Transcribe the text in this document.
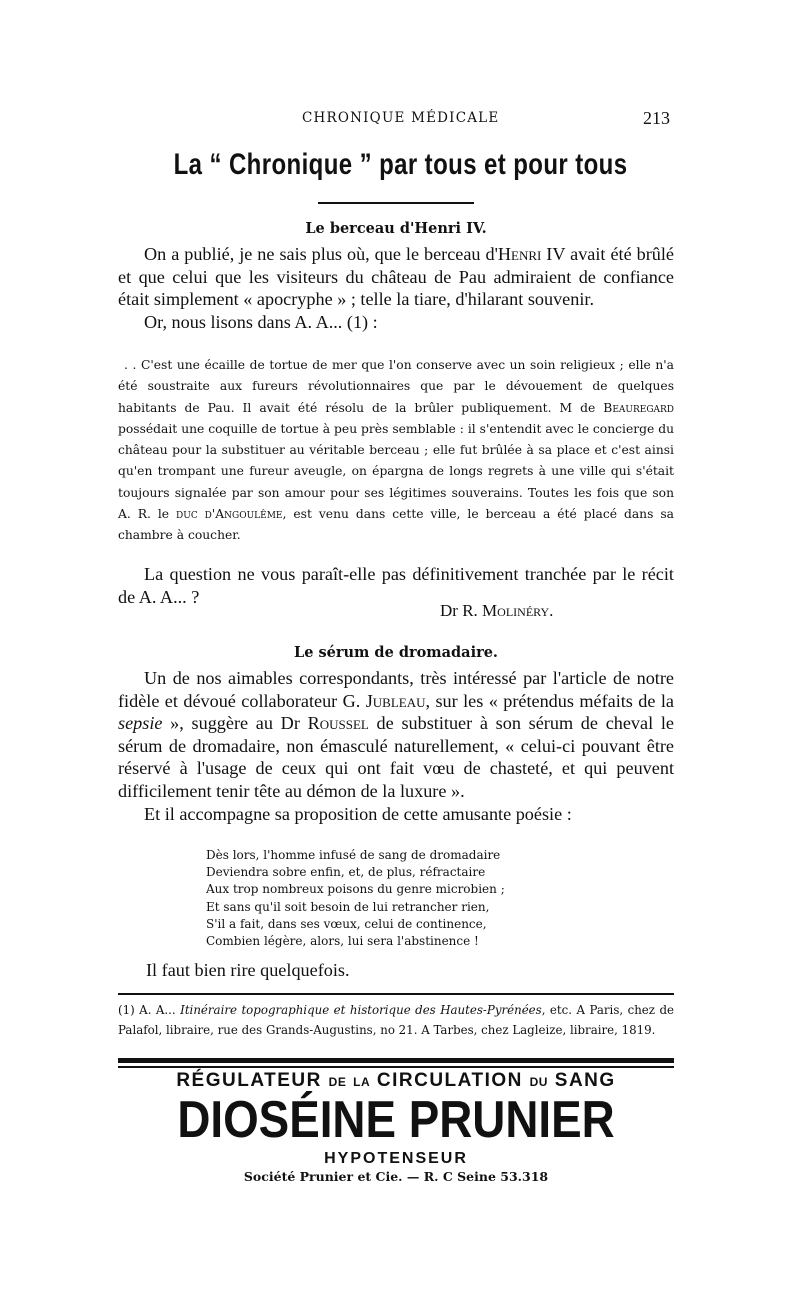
CHRONIQUE MÉDICALE	213
La “ Chronique ” par tous et pour tous
Le berceau d'Henri IV.

On a publié, je ne sais plus où, que le berceau d'Henri IV avait été brûlé et que celui que les visiteurs du château de Pau admiraient de confiance était simplement « apocryphe » ; telle la tiare, d'hilarant souvenir.

Or, nous lisons dans A. A... (1) :

. . C'est une écaille de tortue de mer que l'on conserve avec un soin religieux ; elle n'a été soustraite aux fureurs révolutionnaires que par le dévouement de quelques habitants de Pau. Il avait été résolu de la brûler publiquement. M de Beauregard possédait une coquille de tortue à peu près semblable : il s'entendit avec le concierge du château pour la substituer au véritable berceau ; elle fut brûlée à sa place et c'est ainsi qu'en trompant une fureur aveugle, on épargna de longs regrets à une ville qui s'était toujours signalée par son amour pour ses légitimes souverains. Toutes les fois que son A. R. le duc d'Angoulême, est venu dans cette ville, le berceau a été placé dans sa chambre à coucher.

La question ne vous paraît-elle pas définitivement tranchée par le récit de A. A... ?

Dr R. Molinéry.
Le sérum de dromadaire.

Un de nos aimables correspondants, très intéressé par l'article de notre fidèle et dévoué collaborateur G. Jubleau, sur les « prétendus méfaits de la sepsie », suggère au Dr Roussel de substituer à son sérum de cheval le sérum de dromadaire, non émasculé naturellement, « celui-ci pouvant être réservé à l'usage de ceux qui ont fait vœu de chasteté, et qui peuvent difficilement tenir tête au démon de la luxure ».

Et il accompagne sa proposition de cette amusante poésie :

Dès lors, l'homme infusé de sang de dromadaire
Deviendra sobre enfin, et, de plus, réfractaire
Aux trop nombreux poisons du genre microbien ;
Et sans qu'il soit besoin de lui retrancher rien,
S'il a fait, dans ses vœux, celui de continence,
Combien légère, alors, lui sera l'abstinence !
Il faut bien rire quelquefois.
(1) A. A... Itinéraire topographique et historique des Hautes-Pyrénées, etc. A Paris, chez de Palafol, libraire, rue des Grands-Augustins, no 21. A Tarbes, chez Lagleize, libraire, 1819.
RÉGULATEUR DE LA CIRCULATION DU SANG
DIOSÉINE PRUNIER
HYPOTENSEUR
Société Prunier et Cie. — R. C Seine 53.318
